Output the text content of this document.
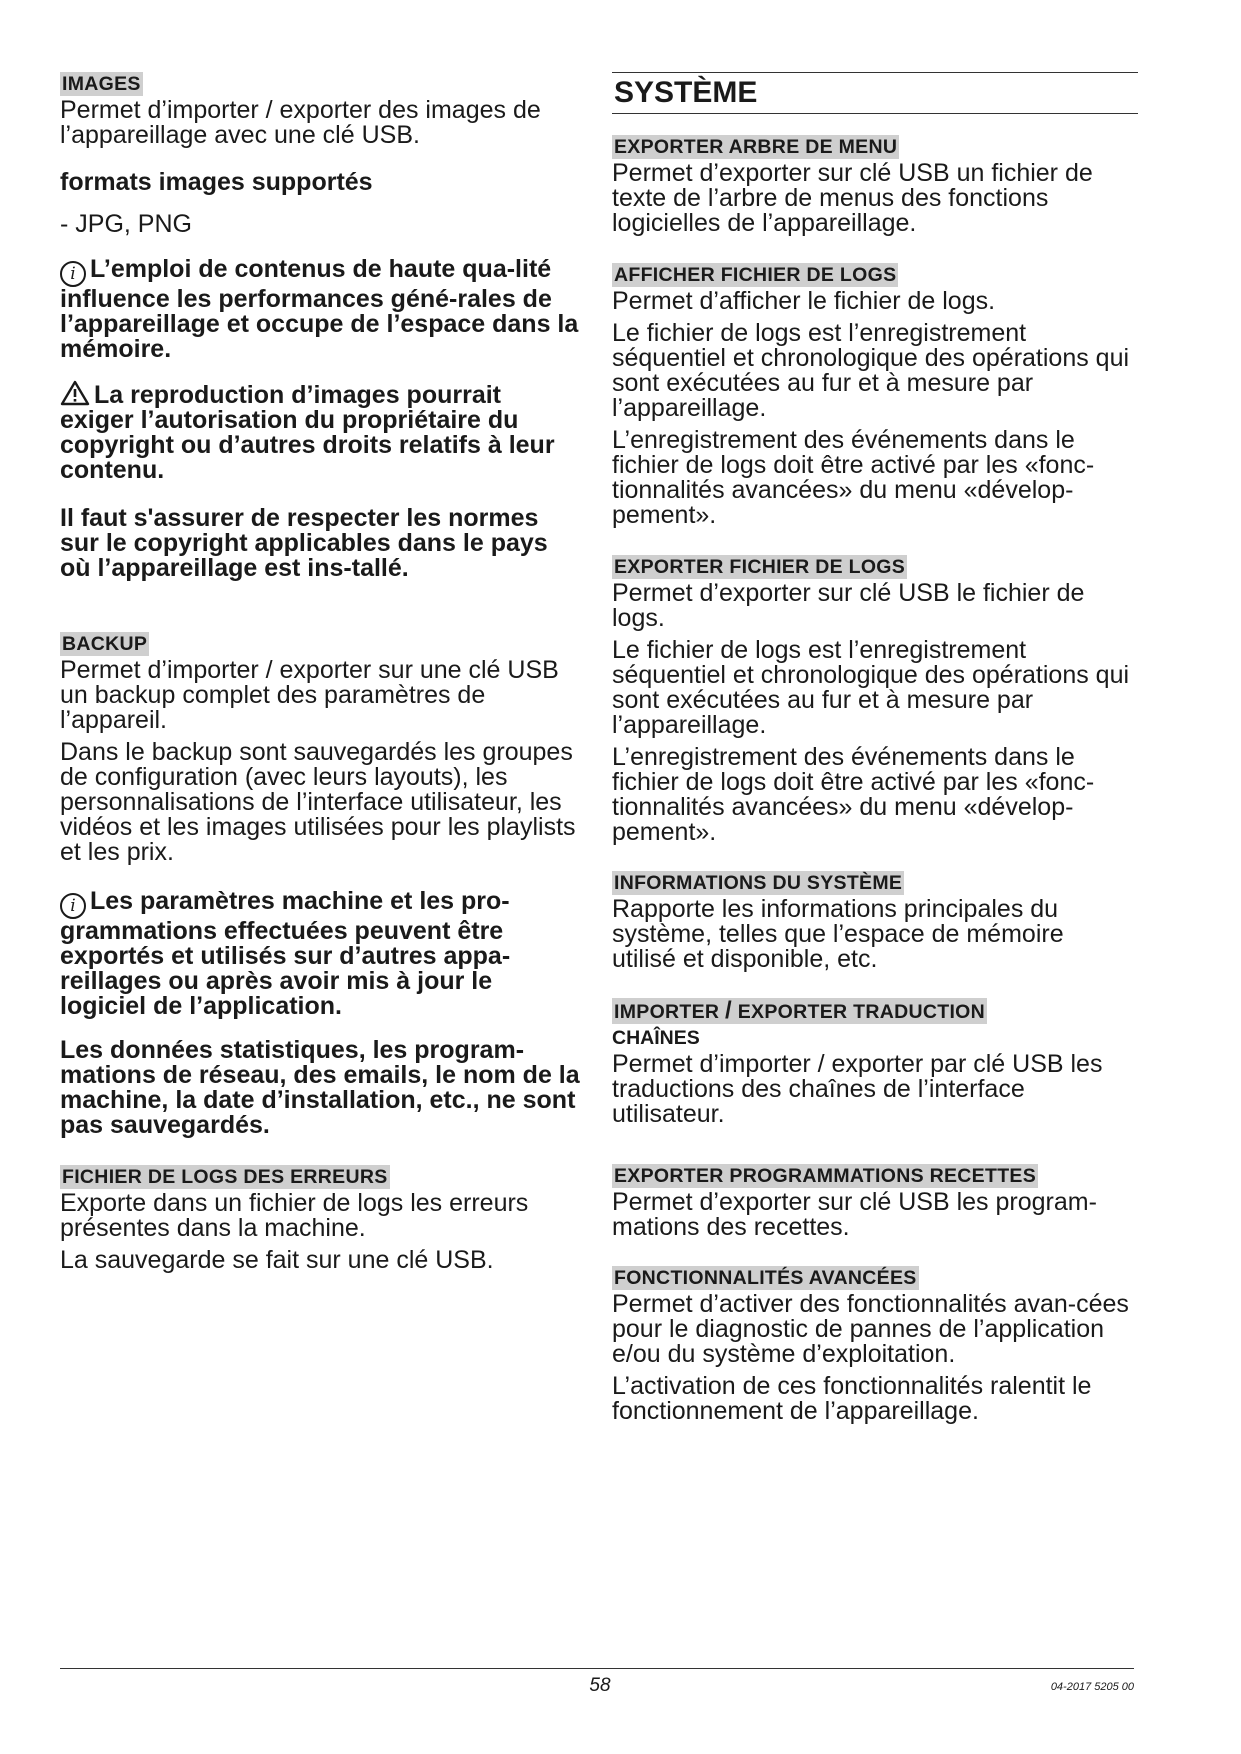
IMAGES

Permet d’importer / exporter des images de l’appareillage avec une clé USB.

formats images supportés

- JPG, PNG

i L’emploi de contenus de haute qua-lité influence les performances géné-rales de l’appareillage et occupe de l’espace dans la mémoire.
La reproduction d’images pourrait exiger l’autorisation du propriétaire du copyright ou d’autres droits relatifs à leur contenu.

Il faut s'assurer de respecter les normes sur le copyright applicables dans le pays où l’appareillage est ins-tallé.

BACKUP

Permet d’importer / exporter sur une clé USB un backup complet des paramètres de l’appareil.

Dans le backup sont sauvegardés les groupes de configuration (avec leurs layouts), les personnalisations de l’interface utilisateur, les vidéos et les images utilisées pour les playlists et les prix.

i Les paramètres machine et les pro-grammations effectuées peuvent être exportés et utilisés sur d’autres appa-reillages ou après avoir mis à jour le logiciel de l’application.

Les données statistiques, les program-mations de réseau, des emails, le nom de la machine, la date d’installation, etc., ne sont pas sauvegardés.

FICHIER DE LOGS DES ERREURS

Exporte dans un fichier de logs les erreurs présentes dans la machine.

La sauvegarde se fait sur une clé USB.

SYSTÈME
EXPORTER ARBRE DE MENU

Permet d’exporter sur clé USB un fichier de texte de l’arbre de menus des fonctions logicielles de l’appareillage.

AFFICHER FICHIER DE LOGS

Permet d’afficher le fichier de logs.

Le fichier de logs est l’enregistrement séquentiel et chronologique des opérations qui sont exécutées au fur et à mesure par l’appareillage.

L’enregistrement des événements dans le fichier de logs doit être activé par les «fonc-tionnalités avancées» du menu «dévelop-pement».

EXPORTER FICHIER DE LOGS

Permet d’exporter sur clé USB le fichier de logs.

Le fichier de logs est l’enregistrement séquentiel et chronologique des opérations qui sont exécutées au fur et à mesure par l’appareillage.

L’enregistrement des événements dans le fichier de logs doit être activé par les «fonc-tionnalités avancées» du menu «dévelop-pement».

INFORMATIONS DU SYSTÈME

Rapporte les informations principales du système, telles que l’espace de mémoire utilisé et disponible, etc.

IMPORTER / EXPORTER TRADUCTION
CHAÎNES

Permet d’importer / exporter par clé USB les traductions des chaînes de l’interface utilisateur.

EXPORTER PROGRAMMATIONS RECETTES

Permet d’exporter sur clé USB les program-mations des recettes.

FONCTIONNALITÉS AVANCÉES

Permet d’activer des fonctionnalités avan-cées pour le diagnostic de pannes de l’application e/ou du système d’exploitation.

L’activation de ces fonctionnalités ralentit le fonctionnement de l’appareillage.

58	04-2017 5205 00
